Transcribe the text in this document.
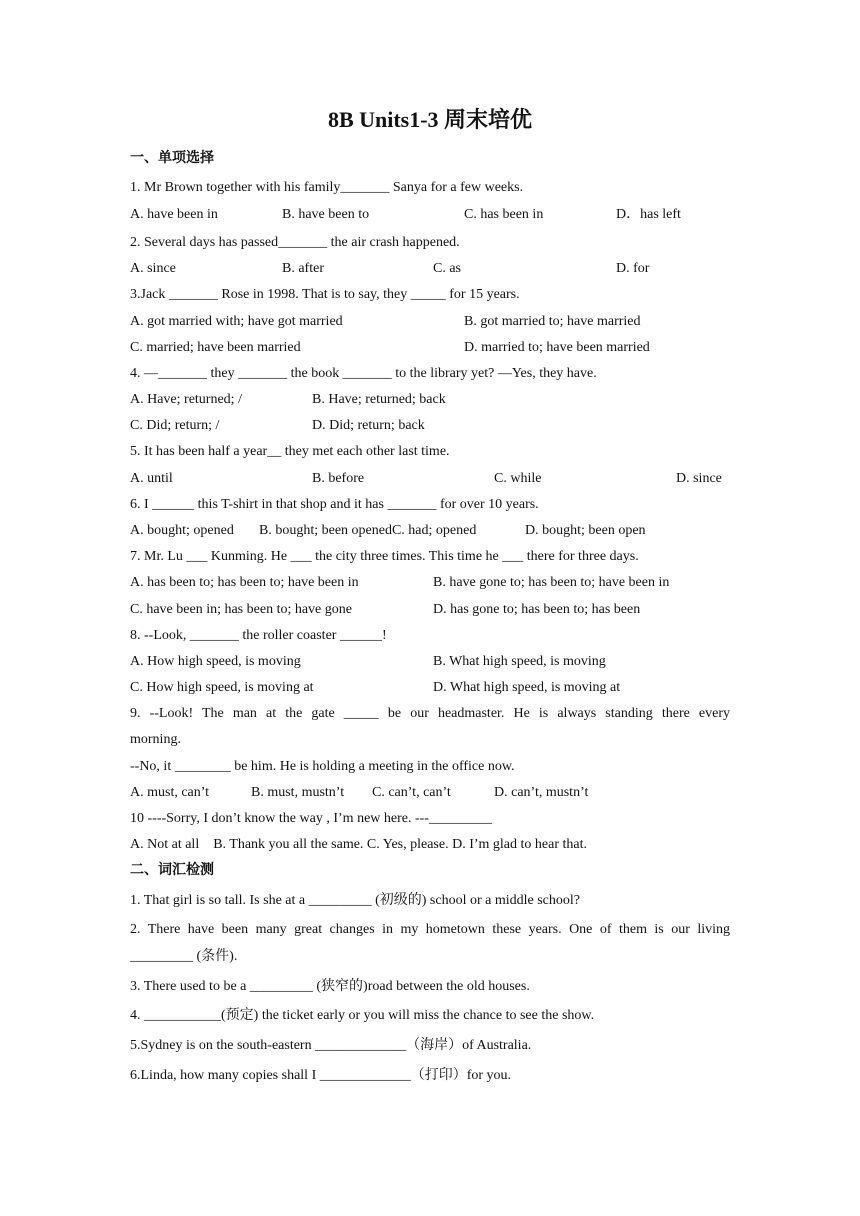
8B Units1-3 周末培优
一、单项选择
1. Mr Brown together with his family_______ Sanya for a few weeks.
A. have been in	B. have been to	C. has been in	D．has left
2. Several days has passed_______ the air crash happened.
A. since	B. after	C. as	D. for
3.Jack _______ Rose in 1998. That is to say, they _____ for 15 years.
A. got married with; have got married	B. got married to; have married
C. married; have been married	D. married to; have been married
4. —_______ they _______ the book _______ to the library yet? —Yes, they have.
A. Have; returned; /	B. Have; returned; back
C. Did; return; /	D. Did; return; back
5. It has been half a year__ they met each other last time.
A. until	B. before	C. while	D. since
6. I ______ this T-shirt in that shop and it has _______ for over 10 years.
A. bought; opened B. bought; been openedC. had; opened	D. bought; been open
7. Mr. Lu ___ Kunming. He ___ the city three times. This time he ___ there for three days.
A. has been to; has been to; have been in	B. have gone to; has been to; have been in
C. have been in; has been to; have gone	D. has gone to; has been to; has been
8. --Look, _______ the roller coaster ______!
A. How high speed, is moving	B. What high speed, is moving
C. How high speed, is moving at	D. What high speed, is moving at
9. --Look! The man at the gate _____ be our headmaster. He is always standing there every
morning.
--No, it ________ be him. He is holding a meeting in the office now.
A. must, can’t	B. must, mustn’t C. can’t, can’t	D. can’t, mustn’t
10 ----Sorry, I don’t know the way , I’m new here. ---_________
A. Not at all    B. Thank you all the same. C. Yes, please. D. I’m glad to hear that.
二、词汇检测
1. That girl is so tall. Is she at a _________ (初级的) school or a middle school?
2. There have been many great changes in my hometown these years. One of them is our living
_________ (条件).
3. There used to be a _________ (狭窄的)road between the old houses.
4. ___________(预定) the ticket early or you will miss the chance to see the show.
5.Sydney is on the south-eastern _____________（海岸）of Australia.
6.Linda, how many copies shall I _____________（打印）for you.
